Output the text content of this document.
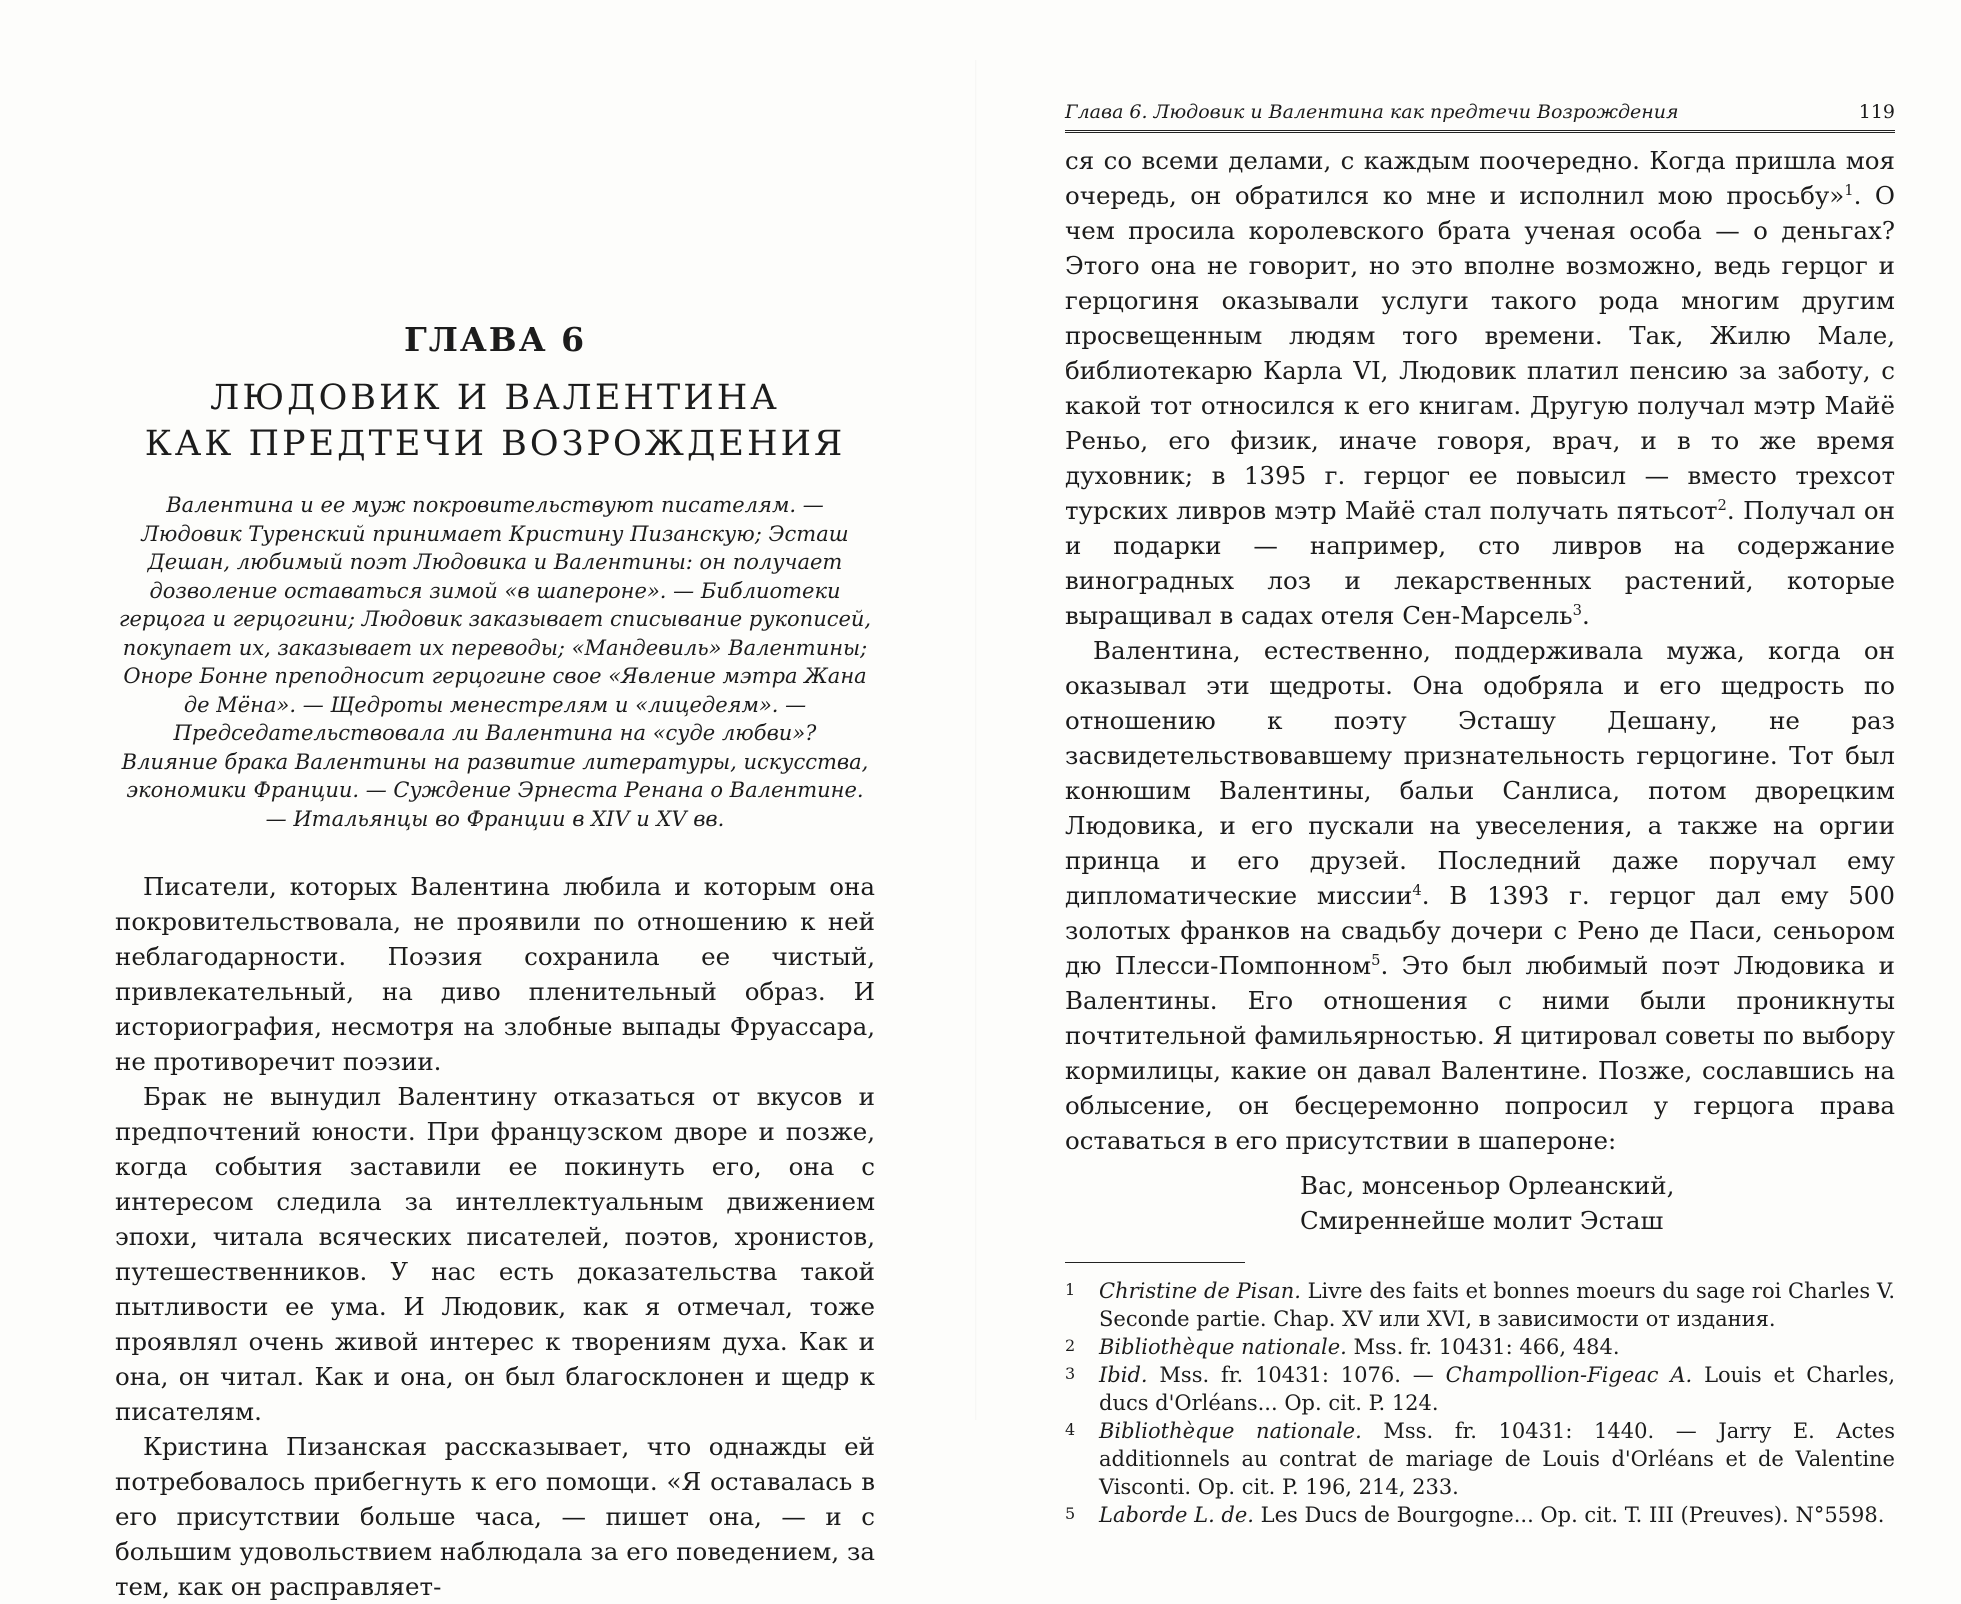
ГЛАВА 6
ЛЮДОВИК И ВАЛЕНТИНА
КАК ПРЕДТЕЧИ ВОЗРОЖДЕНИЯ

Валентина и ее муж покровительствуют писателям. — Людовик Туренский принимает Кристину Пизанскую; Эсташ Дешан, любимый поэт Людовика и Валентины: он получает дозволение оставаться зимой «в шапероне». — Библиотеки герцога и герцогини; Людовик заказывает списывание рукописей, покупает их, заказывает их переводы; «Мандевиль» Валентины; Оноре Бонне преподносит герцогине свое «Явление мэтра Жана де Мёна». — Щедроты менестрелям и «лицедеям». — Председательствовала ли Валентина на «суде любви»?

Влияние брака Валентины на развитие литературы, искусства, экономики Франции. — Суждение Эрнеста Ренана о Валентине. — Итальянцы во Франции в XIV и XV вв.

Писатели, которых Валентина любила и которым она покровительствовала, не проявили по отношению к ней неблагодарности. Поэзия сохранила ее чистый, привлекательный, на диво пленительный образ. И историография, несмотря на злобные выпады Фруассара, не противоречит поэзии.

Брак не вынудил Валентину отказаться от вкусов и предпочтений юности. При французском дворе и позже, когда события заставили ее покинуть его, она с интересом следила за интеллектуальным движением эпохи, читала всяческих писателей, поэтов, хронистов, путешественников. У нас есть доказательства такой пытливости ее ума. И Людовик, как я отмечал, тоже проявлял очень живой интерес к творениям духа. Как и она, он читал. Как и она, он был благосклонен и щедр к писателям.

Кристина Пизанская рассказывает, что однажды ей потребовалось прибегнуть к его помощи. «Я оставалась в его присутствии больше часа, — пишет она, — и с большим удовольствием наблюдала за его поведением, за тем, как он расправляет-

Глава 6. Людовик и Валентина как предтечи Возрождения	119

ся со всеми делами, с каждым поочередно. Когда пришла моя очередь, он обратился ко мне и исполнил мою просьбу»$^1$. О чем просила королевского брата ученая особа — о деньгах? Этого она не говорит, но это вполне возможно, ведь герцог и герцогиня оказывали услуги такого рода многим другим просвещенным людям того времени. Так, Жилю Мале, библиотекарю Карла VI, Людовик платил пенсию за заботу, с какой тот относился к его книгам. Другую получал мэтр Майё Реньо, его физик, иначе говоря, врач, и в то же время духовник; в 1395 г. герцог ее повысил — вместо трехсот турских ливров мэтр Майё стал получать пятьсот$^2$. Получал он и подарки — например, сто ливров на содержание виноградных лоз и лекарственных растений, которые выращивал в садах отеля Сен-Марсель$^3$.

Валентина, естественно, поддерживала мужа, когда он оказывал эти щедроты. Она одобряла и его щедрость по отношению к поэту Эсташу Дешану, не раз засвидетельствовавшему признательность герцогине. Тот был конюшим Валентины, бальи Санлиса, потом дворецким Людовика, и его пускали на увеселения, а также на оргии принца и его друзей. Последний даже поручал ему дипломатические миссии$^4$. В 1393 г. герцог дал ему 500 золотых франков на свадьбу дочери с Рено де Паси, сеньором дю Плесси-Помпонном$^5$. Это был любимый поэт Людовика и Валентины. Его отношения с ними были проникнуты почтительной фамильярностью. Я цитировал советы по выбору кормилицы, какие он давал Валентине. Позже, сославшись на облысение, он бесцеремонно попросил у герцога права оставаться в его присутствии в шапероне:

Вас, монсеньор Орлеанский,
Смиреннейше молит Эсташ
1	Christine de Pisan. Livre des faits et bonnes moeurs du sage roi Charles V. Seconde partie. Chap. XV или XVI, в зависимости от издания.
2	Bibliothèque nationale. Mss. fr. 10431: 466, 484.
3	Ibid. Mss. fr. 10431: 1076. — Champollion-Figeac A. Louis et Charles, ducs d'Orléans... Op. cit. P. 124.
4	Bibliothèque nationale. Mss. fr. 10431: 1440. — Jarry E. Actes additionnels au contrat de mariage de Louis d'Orléans et de Valentine Visconti. Op. cit. P. 196, 214, 233.
5	Laborde L. de. Les Ducs de Bourgogne... Op. cit. T. III (Preuves). N°5598.
